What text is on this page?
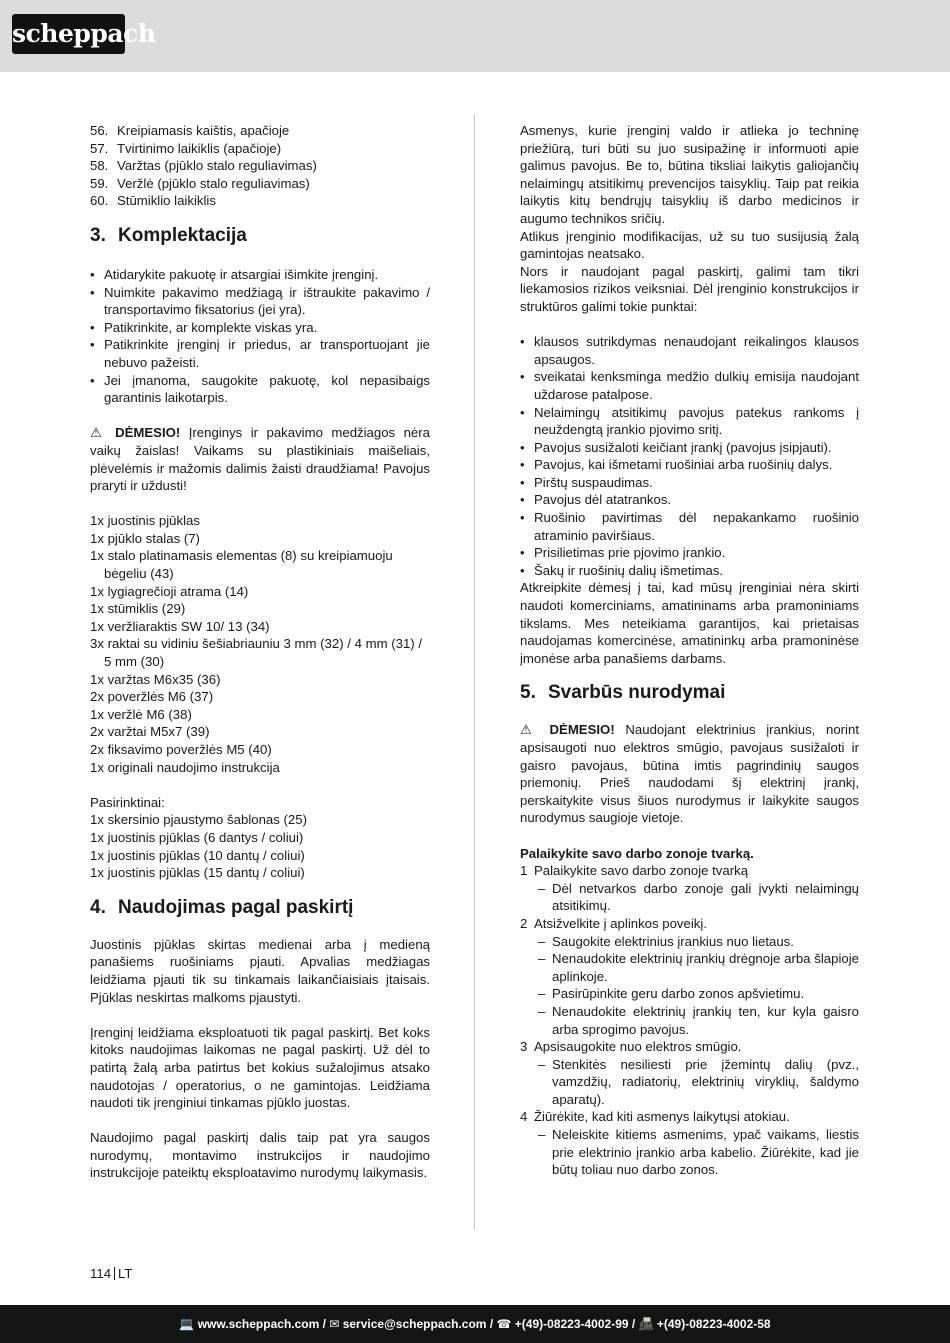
scheppach
56. Kreipiamasis kaištis, apačioje
57. Tvirtinimo laikiklis (apačioje)
58. Varžtas (pjūklo stalo reguliavimas)
59. Veržlė (pjūklo stalo reguliavimas)
60. Stūmiklio laikiklis
3. Komplektacija
• Atidarykite pakuotę ir atsargiai išimkite įrenginį.
• Nuimkite pakavimo medžiagą ir ištraukite pakavimo / transportavimo fiksatorius (jei yra).
• Patikrinkite, ar komplekte viskas yra.
• Patikrinkite įrenginį ir priedus, ar transportuojant jie nebuvo pažeisti.
• Jei įmanoma, saugokite pakuotę, kol nepasibaigs garantinis laikotarpis.

⚠ DĖMESIO! Įrenginys ir pakavimo medžiagos nėra vaikų žaislas! Vaikams su plastikiniais maišeliais, plėvelėmis ir mažomis dalimis žaisti draudžiama! Pavojus praryti ir uždusti!

1x juostinis pjūklas
1x pjūklo stalas (7)
1x stalo platinamasis elementas (8) su kreipiamuoju bėgeliu (43)
1x lygiagrečioji atrama (14)
1x stūmiklis (29)
1x veržliaraktis SW 10/ 13 (34)
3x raktai su vidiniu šešiabriauniu 3 mm (32) / 4 mm (31) / 5 mm (30)
1x varžtas M6x35 (36)
2x poveržlės M6 (37)
1x veržlė M6 (38)
2x varžtai M5x7 (39)
2x fiksavimo poveržlės M5 (40)
1x originali naudojimo instrukcija

Pasirinktinai:

1x skersinio pjaustymo šablonas (25)
1x juostinis pjūklas (6 dantys / coliui)
1x juostinis pjūklas (10 dantų / coliui)
1x juostinis pjūklas (15 dantų / coliui)
4. Naudojimas pagal paskirtį

Juostinis pjūklas skirtas medienai arba į medieną panašiems ruošiniams pjauti. Apvalias medžiagas leidžiama pjauti tik su tinkamais laikančiaisiais įtaisais. Pjūklas neskirtas malkoms pjaustyti.

Įrenginį leidžiama eksploatuoti tik pagal paskirtį. Bet koks kitoks naudojimas laikomas ne pagal paskirtį. Už dėl to patirtą žalą arba patirtus bet kokius sužalojimus atsako naudotojas / operatorius, o ne gamintojas. Leidžiama naudoti tik įrenginiui tinkamas pjūklo juostas.

Naudojimo pagal paskirtį dalis taip pat yra saugos nurodymų, montavimo instrukcijos ir naudojimo instrukcijoje pateiktų eksploatavimo nurodymų laikymasis.

Asmenys, kurie įrenginį valdo ir atlieka jo techninę priežiūrą, turi būti su juo susipažinę ir informuoti apie galimus pavojus. Be to, būtina tiksliai laikytis galiojančių nelaimingų atsitikimų prevencijos taisyklių. Taip pat reikia laikytis kitų bendrųjų taisyklių iš darbo medicinos ir augumo technikos sričių.

Atlikus įrenginio modifikacijas, už su tuo susijusią žalą gamintojas neatsako.

Nors ir naudojant pagal paskirtį, galimi tam tikri liekamosios rizikos veiksniai. Dėl įrenginio konstrukcijos ir struktūros galimi tokie punktai:

• klausos sutrikdymas nenaudojant reikalingos klausos apsaugos.
• sveikatai kenksminga medžio dulkių emisija naudojant uždarose patalpose.
• Nelaimingų atsitikimų pavojus patekus rankoms į neuždengtą įrankio pjovimo sritį.
• Pavojus susižaloti keičiant įrankį (pavojus įsipjauti).
• Pavojus, kai išmetami ruošiniai arba ruošinių dalys.
• Pirštų suspaudimas.
• Pavojus dėl atatrankos.
• Ruošinio pavirtimas dėl nepakankamo ruošinio atraminio paviršiaus.
• Prisilietimas prie pjovimo įrankio.
• Šakų ir ruošinių dalių išmetimas.

Atkreipkite dėmesį į tai, kad mūsų įrenginiai nėra skirti naudoti komerciniams, amatininams arba pramoniniams tikslams. Mes neteikiama garantijos, kai prietaisas naudojamas komercinėse, amatininkų arba pramoninėse įmonėse arba panašiems darbams.

5. Svarbūs nurodymai

⚠ DĖMESIO! Naudojant elektrinius įrankius, norint apsisaugoti nuo elektros smūgio, pavojaus susižaloti ir gaisro pavojaus, būtina imtis pagrindinių saugos priemonių. Prieš naudodami šį elektrinį įrankį, perskaitykite visus šiuos nurodymus ir laikykite saugos nurodymus saugioje vietoje.

Palaikykite savo darbo zonoje tvarką.

1 Palaikykite savo darbo zonoje tvarką
– Dėl netvarkos darbo zonoje gali įvykti nelaimingų atsitikimų.
2 Atsižvelkite į aplinkos poveikį.
– Saugokite elektrinius įrankius nuo lietaus.
– Nenaudokite elektrinių įrankių drėgnoje arba šlapioje aplinkoje.
– Pasirūpinkite geru darbo zonos apšvietimu.
– Nenaudokite elektrinių įrankių ten, kur kyla gaisro arba sprogimo pavojus.
3 Apsisaugokite nuo elektros smūgio.
– Stenkitės nesiliesti prie įžemintų dalių (pvz., vamzdžių, radiatorių, elektrinių viryklių, šaldymo aparatų).
4 Žiūrėkite, kad kiti asmenys laikytųsi atokiau.
– Neleiskite kitiems asmenims, ypač vaikams, liestis prie elektrinio įrankio arba kabelio. Žiūrėkite, kad jie būtų toliau nuo darbo zonos.
114 LT
💻 www.scheppach.com / ✉ service@scheppach.com / ☎ +(49)-08223-4002-99 / 📠 +(49)-08223-4002-58
